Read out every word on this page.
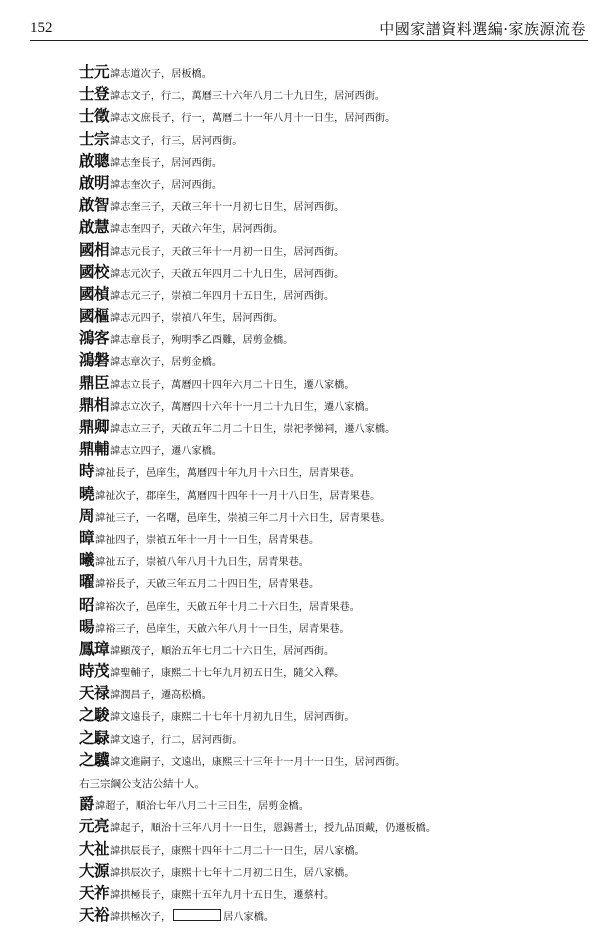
152	中國家譜資料選編·家族源流卷
士元諱志道次子，居板橋。
士登諱志文子，行二，萬曆三十六年八月二十九日生，居河西街。
士徵諱志文庶長子，行一，萬曆二十一年八月十一日生，居河西街。
士宗諱志文子，行三，居河西街。
啟聰諱志奎長子，居河西街。
啟明諱志奎次子，居河西街。
啟智諱志奎三子，天啟三年十一月初七日生，居河西街。
啟慧諱志奎四子，天啟六年生，居河西街。
國相諱志元長子，天啟三年十一月初一日生，居河西街。
國校諱志元次子，天啟五年四月二十九日生，居河西街。
國楨諱志元三子，崇禎二年四月十五日生，居河西街。
國樞諱志元四子，崇禎八年生，居河西街。
鴻客諱志章長子，殉明季乙酉難，居剪金橋。
鴻磐諱志章次子，居剪金橋。
鼎臣諱志立長子，萬曆四十四年六月二十日生，遷八家橋。
鼎相諱志立次子，萬曆四十六年十一月二十九日生，遷八家橋。
鼎卿諱志立三子，天啟五年二月二十日生，崇祀孝悌祠，遷八家橋。
鼎輔諱志立四子，遷八家橋。
時諱祉長子，邑庠生，萬曆四十年九月十六日生，居青果巷。
曉諱祉次子，郡庠生，萬曆四十四年十一月十八日生，居青果巷。
周諱祉三子，一名曙，邑庠生，崇禎三年二月十六日生，居青果巷。
暲諱祉四子，崇禎五年十一月十一日生，居青果巷。
曦諱祉五子，崇禎八年八月十九日生，居青果巷。
曜諱裕長子，天啟三年五月二十四日生，居青果巷。
昭諱裕次子，邑庠生，天啟五年十月二十六日生，居青果巷。
暘諱裕三子，邑庠生，天啟六年八月十一日生，居青果巷。
鳳璋諱顯茂子，順治五年七月二十六日生，居河西街。
時茂諱聖輔子，康熙二十七年九月初五日生，隨父入釋。
天禄諱潤昌子，遷高松橋。
之駿諱文遠長子，康熙二十七年十月初九日生，居河西街。
之騄諱文遠子，行二，居河西街。
之驥諱文進嗣子，文遠出，康熙三十三年十一月十一日生，居河西街。
右三宗綱公支沽公結十人。
爵諱超子，順治七年八月二十三日生，居剪金橋。
元亮諱起子，順治十三年八月十一日生，恩錫耆士，授九品頂戴，仍遷板橋。
大祉諱拱辰長子，康熙十四年十二月二十一日生，居八家橋。
大源諱拱辰次子，康熙十七年十二月初二日生，居八家橋。
天祚諱拱極長子，康熙十五年九月十五日生，遷蔡村。
天裕諱拱極次子，	居八家橋。
